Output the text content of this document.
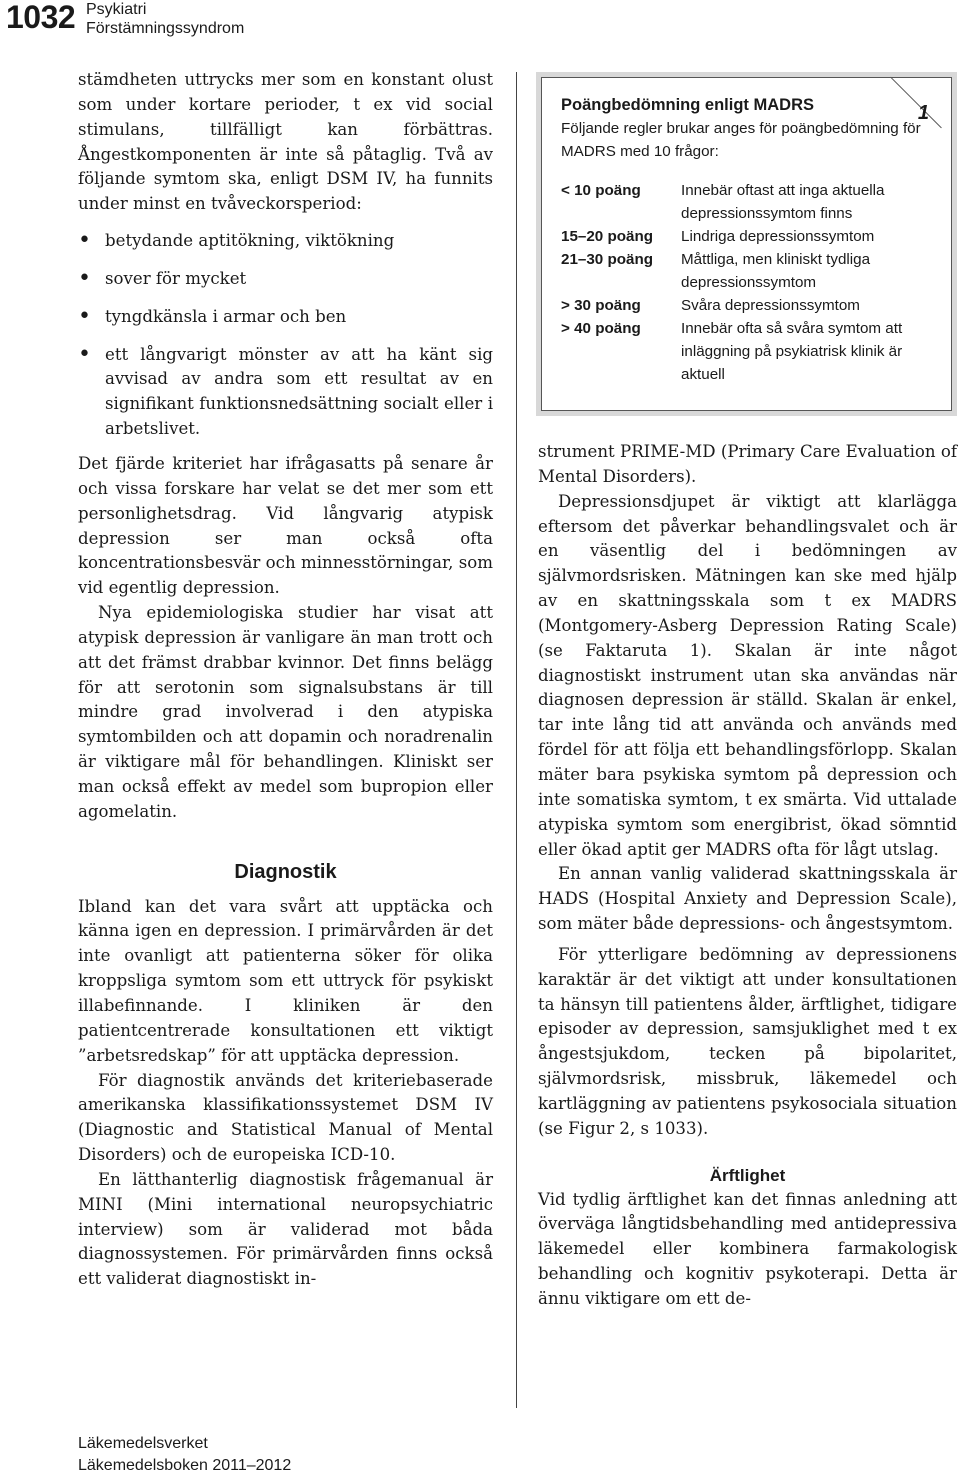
1032 Psykiatri
Förstämningssyndrom

stämdheten uttrycks mer som en konstant olust som under kortare perioder, t ex vid social stimulans, tillfälligt kan förbättras. Ångestkomponenten är inte så påtaglig. Två av följande symtom ska, enligt DSM IV, ha funnits under minst en tvåveckorsperiod:

• betydande aptitökning, viktökning
• sover för mycket
• tyngdkänsla i armar och ben
• ett långvarigt mönster av att ha känt sig avvisad av andra som ett resultat av en signifikant funktionsnedsättning socialt eller i arbetslivet.

Det fjärde kriteriet har ifrågasatts på senare år och vissa forskare har velat se det mer som ett personlighetsdrag. Vid långvarig atypisk depression ser man också ofta koncentrationsbesvär och minnesstörningar, som vid egentlig depression.

Nya epidemiologiska studier har visat att atypisk depression är vanligare än man trott och att det främst drabbar kvinnor. Det finns belägg för att serotonin som signalsubstans är till mindre grad involverad i den atypiska symtombilden och att dopamin och noradrenalin är viktigare mål för behandlingen. Kliniskt ser man också effekt av medel som bupropion eller agomelatin.

Diagnostik

Ibland kan det vara svårt att upptäcka och känna igen en depression. I primärvården är det inte ovanligt att patienterna söker för olika kroppsliga symtom som ett uttryck för psykiskt illabefinnande. I kliniken är den patientcentrerade konsultationen ett viktigt ”arbetsredskap” för att upptäcka depression.

För diagnostik används det kriteriebaserade amerikanska klassifikationssystemet DSM IV (Diagnostic and Statistical Manual of Mental Disorders) och de europeiska ICD-10.

En lätthanterlig diagnostisk frågemanual är MINI (Mini international neuropsychiatric interview) som är validerad mot båda diagnossystemen. För primärvården finns också ett validerat diagnostiskt in-

1
Poängbedömning enligt MADRS
Följande regler brukar anges för poängbedömning för MADRS med 10 frågor:
< 10 poäng	Innebär oftast att inga aktuella depressionssymtom finns
15–20 poäng	Lindriga depressionssymtom
21–30 poäng	Måttliga, men kliniskt tydliga depressionssymtom
> 30 poäng	Svåra depressionssymtom
> 40 poäng	Innebär ofta så svåra symtom att inläggning på psykiatrisk klinik är aktuell

strument PRIME-MD (Primary Care Evaluation of Mental Disorders).

Depressionsdjupet är viktigt att klarlägga eftersom det påverkar behandlingsvalet och är en väsentlig del i bedömningen av självmordsrisken. Mätningen kan ske med hjälp av en skattningsskala som t ex MADRS (Montgomery-Asberg Depression Rating Scale) (se Faktaruta 1). Skalan är inte något diagnostiskt instrument utan ska användas när diagnosen depression är ställd. Skalan är enkel, tar inte lång tid att använda och används med fördel för att följa ett behandlingsförlopp. Skalan mäter bara psykiska symtom på depression och inte somatiska symtom, t ex smärta. Vid uttalade atypiska symtom som energibrist, ökad sömntid eller ökad aptit ger MADRS ofta för lågt utslag.

En annan vanlig validerad skattningsskala är HADS (Hospital Anxiety and Depression Scale), som mäter både depressions- och ångestsymtom.

För ytterligare bedömning av depressionens karaktär är det viktigt att under konsultationen ta hänsyn till patientens ålder, ärftlighet, tidigare episoder av depression, samsjuklighet med t ex ångestsjukdom, tecken på bipolaritet, självmordsrisk, missbruk, läkemedel och kartläggning av patientens psykosociala situation (se Figur 2, s 1033).

Ärftlighet

Vid tydlig ärftlighet kan det finnas anledning att överväga långtidsbehandling med antidepressiva läkemedel eller kombinera farmakologisk behandling och kognitiv psykoterapi. Detta är ännu viktigare om ett de-

Läkemedelsverket
Läkemedelsboken 2011–2012
